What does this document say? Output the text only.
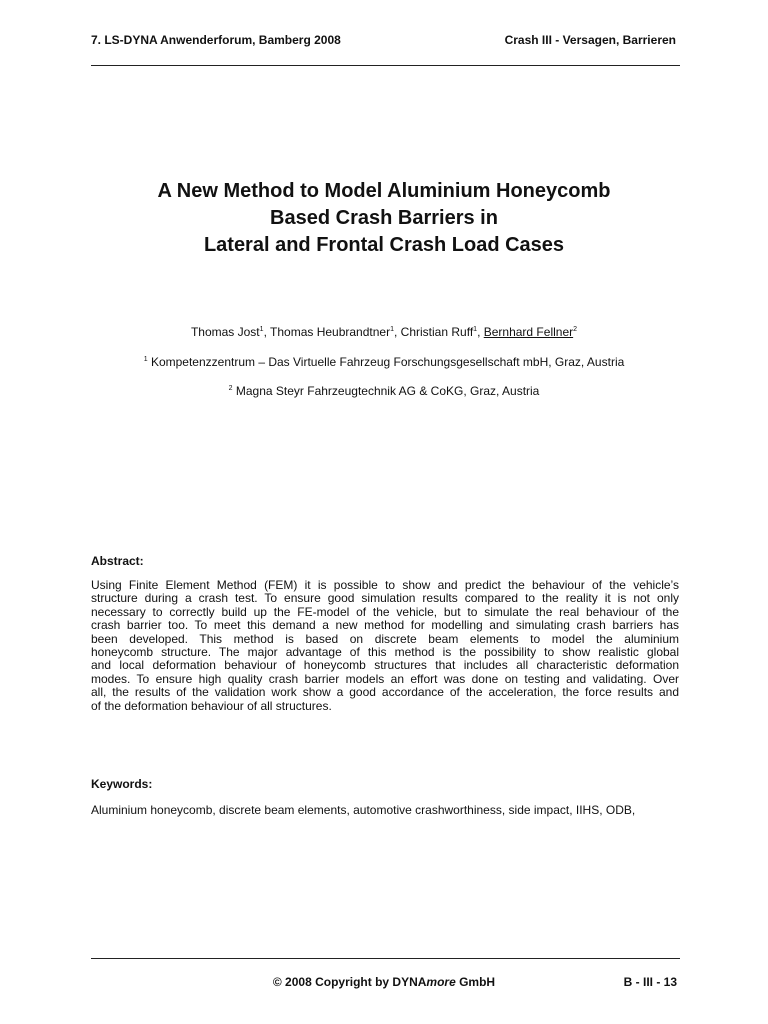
7. LS-DYNA Anwenderforum, Bamberg 2008	Crash III - Versagen, Barrieren
A New Method to Model Aluminium Honeycomb
Based Crash Barriers in
Lateral and Frontal Crash Load Cases
Thomas Jost$^1$, Thomas Heubrandtner$^1$, Christian Ruff$^1$, Bernhard Fellner$^2$
$^1$ Kompetenzzentrum – Das Virtuelle Fahrzeug Forschungsgesellschaft mbH, Graz, Austria
$^2$ Magna Steyr Fahrzeugtechnik AG & CoKG, Graz, Austria
Abstract:
Using Finite Element Method (FEM) it is possible to show and predict the behaviour of the vehicle’s
structure during a crash test. To ensure good simulation results compared to the reality it is not only
necessary to correctly build up the FE-model of the vehicle, but to simulate the real behaviour of the
crash barrier too. To meet this demand a new method for modelling and simulating crash barriers has
been developed. This method is based on discrete beam elements to model the aluminium
honeycomb structure. The major advantage of this method is the possibility to show realistic global
and local deformation behaviour of honeycomb structures that includes all characteristic deformation
modes. To ensure high quality crash barrier models an effort was done on testing and validating. Over
all, the results of the validation work show a good accordance of the acceleration, the force results and
of the deformation behaviour of all structures.
Keywords:
Aluminium honeycomb, discrete beam elements, automotive crashworthiness, side impact, IIHS, ODB,
© 2008 Copyright by DYNAmore GmbH	B - III - 13
